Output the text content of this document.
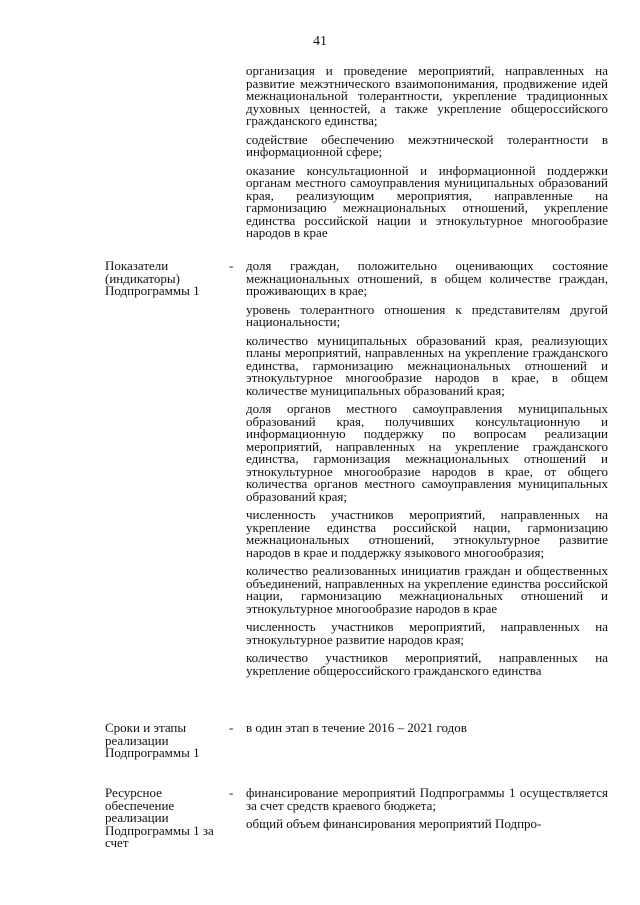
41

организация и проведение мероприятий, направленных на развитие межэтнического взаимопонимания, продвижение идей межнациональной толерантности, укрепление традиционных духовных ценностей, а также укрепление общероссийского гражданского единства;

содействие обеспечению межэтнической толерантности в информационной сфере;

оказание консультационной и информационной поддержки органам местного самоуправления муниципальных образований края, реализующим мероприятия, направленные на гармонизацию межнациональных отношений, укрепление единства российской нации и этнокультурное многообразие народов в крае

Показатели (индикаторы) Подпрограммы 1
- доля граждан, положительно оценивающих состояние межнациональных отношений, в общем количестве граждан, проживающих в крае;

уровень толерантного отношения к представителям другой национальности;

количество муниципальных образований края, реализующих планы мероприятий, направленных на укрепление гражданского единства, гармонизацию межнациональных отношений и этнокультурное многообразие народов в крае, в общем количестве муниципальных образований края;

доля органов местного самоуправления муниципальных образований края, получивших консультационную и информационную поддержку по вопросам реализации мероприятий, направленных на укрепление гражданского единства, гармонизация межнациональных отношений и этнокультурное многообразие народов в крае, от общего количества органов местного самоуправления муниципальных образований края;

численность участников мероприятий, направленных на укрепление единства российской нации, гармонизацию межнациональных отношений, этнокультурное развитие народов в крае и поддержку языкового многообразия;

количество реализованных инициатив граждан и общественных объединений, направленных на укрепление единства российской нации, гармонизацию межнациональных отношений и этнокультурное многообразие народов в крае

численность участников мероприятий, направленных на этнокультурное развитие народов края;

количество участников мероприятий, направленных на укрепление общероссийского гражданского единства

Сроки и этапы реализации Подпрограммы 1
- в один этап в течение 2016 – 2021 годов

Ресурсное обеспечение реализации Подпрограммы 1 за счет
- финансирование мероприятий Подпрограммы 1 осуществляется за счет средств краевого бюджета;

общий объем финансирования мероприятий Подпро-
